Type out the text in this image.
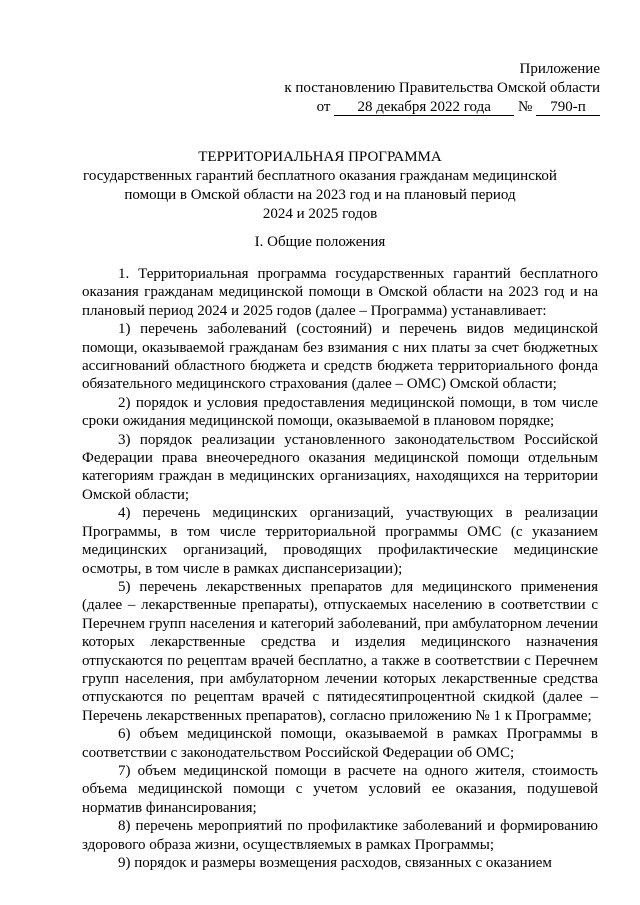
Приложение
к постановлению Правительства Омской области
от 28 декабря 2022 года № 790-п
ТЕРРИТОРИАЛЬНАЯ ПРОГРАММА
государственных гарантий бесплатного оказания гражданам медицинской
помощи в Омской области на 2023 год и на плановый период
2024 и 2025 годов
I. Общие положения

1. Территориальная программа государственных гарантий бесплатного оказания гражданам медицинской помощи в Омской области на 2023 год и на плановый период 2024 и 2025 годов (далее – Программа) устанавливает:

1) перечень заболеваний (состояний) и перечень видов медицинской помощи, оказываемой гражданам без взимания с них платы за счет бюджетных ассигнований областного бюджета и средств бюджета территориального фонда обязательного медицинского страхования (далее – ОМС) Омской области;

2) порядок и условия предоставления медицинской помощи, в том числе сроки ожидания медицинской помощи, оказываемой в плановом порядке;

3) порядок реализации установленного законодательством Российской Федерации права внеочередного оказания медицинской помощи отдельным категориям граждан в медицинских организациях, находящихся на территории Омской области;

4) перечень медицинских организаций, участвующих в реализации Программы, в том числе территориальной программы ОМС (с указанием медицинских организаций, проводящих профилактические медицинские осмотры, в том числе в рамках диспансеризации);

5) перечень лекарственных препаратов для медицинского применения (далее – лекарственные препараты), отпускаемых населению в соответствии с Перечнем групп населения и категорий заболеваний, при амбулаторном лечении которых лекарственные средства и изделия медицинского назначения отпускаются по рецептам врачей бесплатно, а также в соответствии с Перечнем групп населения, при амбулаторном лечении которых лекарственные средства отпускаются по рецептам врачей с пятидесятипроцентной скидкой (далее – Перечень лекарственных препаратов), согласно приложению № 1 к Программе;

6) объем медицинской помощи, оказываемой в рамках Программы в соответствии с законодательством Российской Федерации об ОМС;

7) объем медицинской помощи в расчете на одного жителя, стоимость объема медицинской помощи с учетом условий ее оказания, подушевой норматив финансирования;

8) перечень мероприятий по профилактике заболеваний и формированию здорового образа жизни, осуществляемых в рамках Программы;

9) порядок и размеры возмещения расходов, связанных с оказанием
